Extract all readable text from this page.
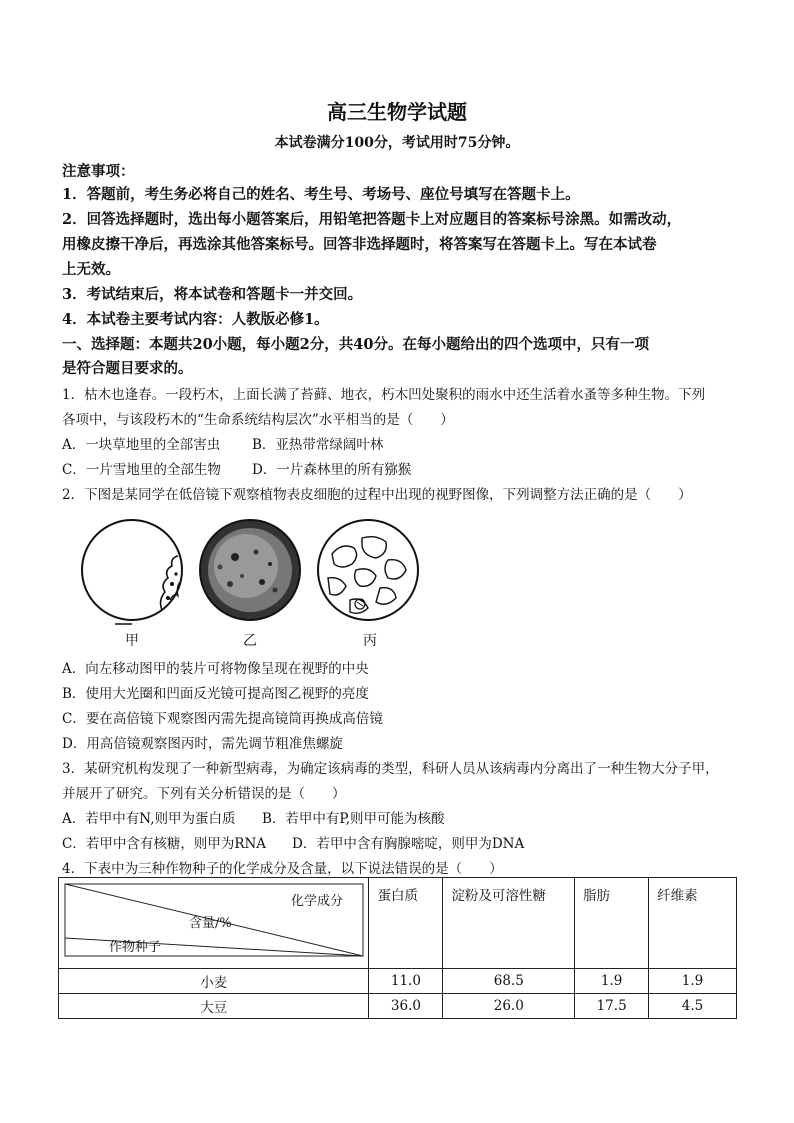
高三生物学试题
本试卷满分100分，考试用时75分钟。
注意事项：
1．答题前，考生务必将自己的姓名、考生号、考场号、座位号填写在答题卡上。
2．回答选择题时，选出每小题答案后，用铅笔把答题卡上对应题目的答案标号涂黑。如需改动，
用橡皮擦干净后，再选涂其他答案标号。回答非选择题时，将答案写在答题卡上。写在本试卷
上无效。
3．考试结束后，将本试卷和答题卡一并交回。
4．本试卷主要考试内容：人教版必修1。
一、选择题：本题共20小题，每小题2分，共40分。在每小题给出的四个选项中，只有一项
是符合题目要求的。
1．枯木也逢春。一段朽木，上面长满了苔藓、地衣，朽木凹处聚积的雨水中还生活着水蚤等多种生物。下列
各项中，与该段朽木的“生命系统结构层次”水平相当的是（　　）
A．一块草地里的全部害虫 B．亚热带常绿阔叶林
C．一片雪地里的全部生物 D．一片森林里的所有猕猴
2．下图是某同学在低倍镜下观察植物表皮细胞的过程中出现的视野图像，下列调整方法正确的是（　　）
甲	乙	丙
A．向左移动图甲的装片可将物像呈现在视野的中央
B．使用大光圈和凹面反光镜可提高图乙视野的亮度
C．要在高倍镜下观察图丙需先提高镜筒再换成高倍镜
D．用高倍镜观察图丙时，需先调节粗准焦螺旋
3．某研究机构发现了一种新型病毒，为确定该病毒的类型，科研人员从该病毒内分离出了一种生物大分子甲，
并展开了研究。下列有关分析错误的是（　　）
A．若甲中有N,则甲为蛋白质 B．若甲中有P,则甲可能为核酸
C．若甲中含有核糖，则甲为RNA D．若甲中含有胸腺嘧啶，则甲为DNA
4．下表中为三种作物种子的化学成分及含量，以下说法错误的是（　　）
化学成分
含量/%
作物种子	蛋白质	淀粉及可溶性糖	脂肪	纤维素
小麦	11.0	68.5	1.9	1.9
大豆	36.0	26.0	17.5	4.5
